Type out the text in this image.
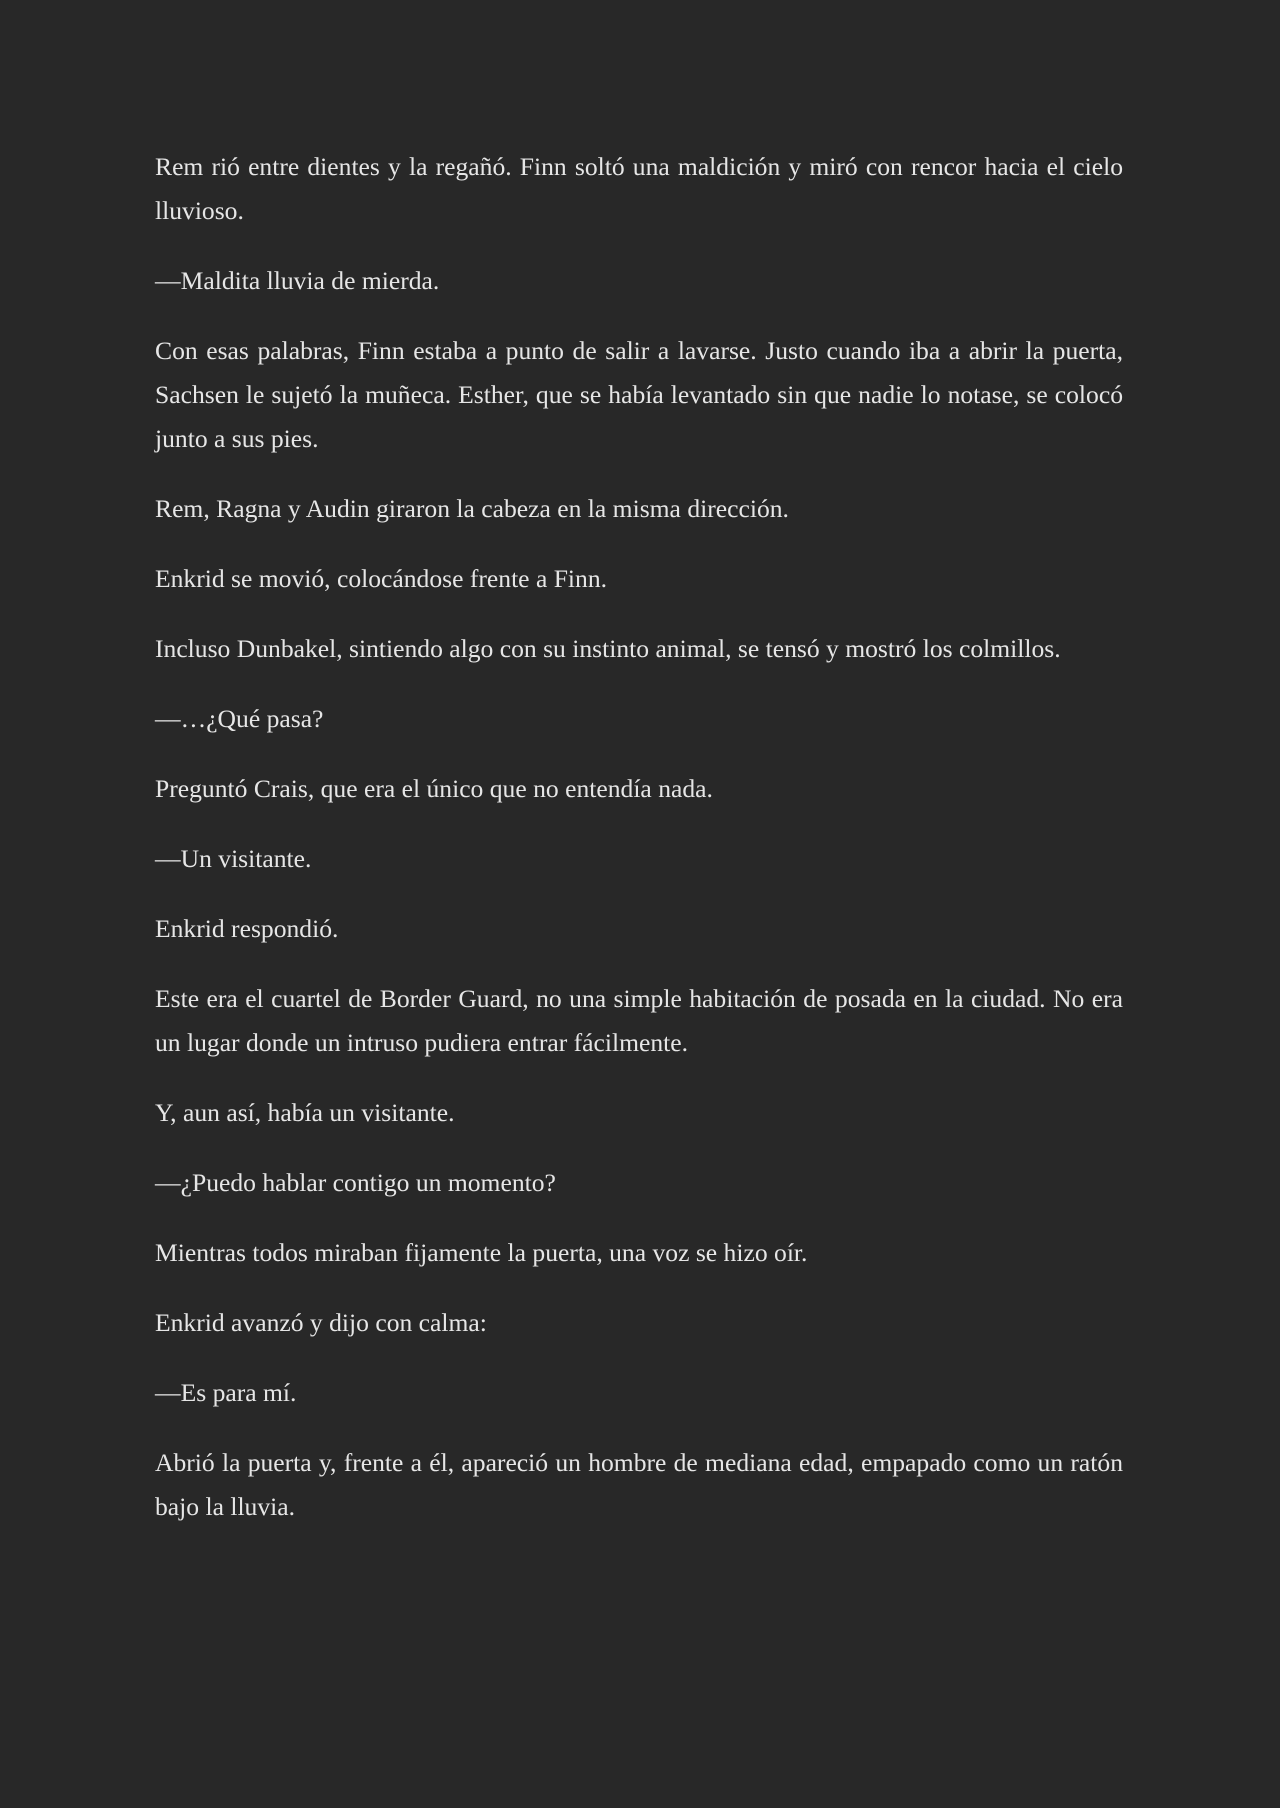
Rem rió entre dientes y la regañó. Finn soltó una maldición y miró con rencor hacia el cielo lluvioso.

—Maldita lluvia de mierda.

Con esas palabras, Finn estaba a punto de salir a lavarse. Justo cuando iba a abrir la puerta, Sachsen le sujetó la muñeca. Esther, que se había levantado sin que nadie lo notase, se colocó junto a sus pies.

Rem, Ragna y Audin giraron la cabeza en la misma dirección.

Enkrid se movió, colocándose frente a Finn.

Incluso Dunbakel, sintiendo algo con su instinto animal, se tensó y mostró los colmillos.

—…¿Qué pasa?

Preguntó Crais, que era el único que no entendía nada.

—Un visitante.

Enkrid respondió.

Este era el cuartel de Border Guard, no una simple habitación de posada en la ciudad. No era un lugar donde un intruso pudiera entrar fácilmente.

Y, aun así, había un visitante.

—¿Puedo hablar contigo un momento?

Mientras todos miraban fijamente la puerta, una voz se hizo oír.

Enkrid avanzó y dijo con calma:

—Es para mí.

Abrió la puerta y, frente a él, apareció un hombre de mediana edad, empapado como un ratón bajo la lluvia.
